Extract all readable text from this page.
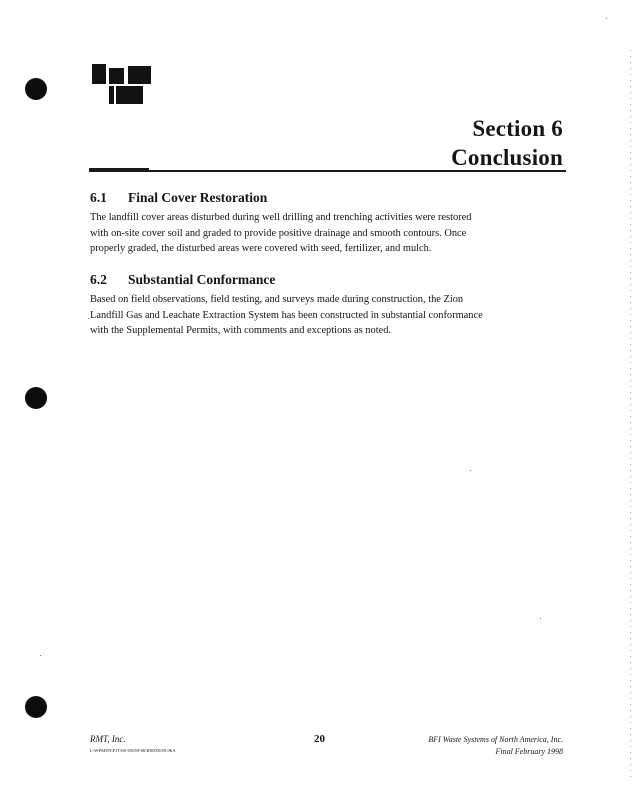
Section 6
Conclusion
6.1 Final Cover Restoration
The landfill cover areas disturbed during well drilling and trenching activities were restored
with on-site cover soil and graded to provide positive drainage and smooth contours. Once
properly graded, the disturbed areas were covered with seed, fertilizer, and mulch.
6.2 Substantial Conformance
Based on field observations, field testing, and surveys made during construction, the Zion
Landfill Gas and Leachate Extraction System has been constructed in substantial conformance
with the Supplemental Permits, with comments and exceptions as noted.
RMT, Inc.
I:\WPMSN\PJT\00-05059\06\R0005059.06A
20	BFI Waste Systems of North America, Inc.
Final February 1998
